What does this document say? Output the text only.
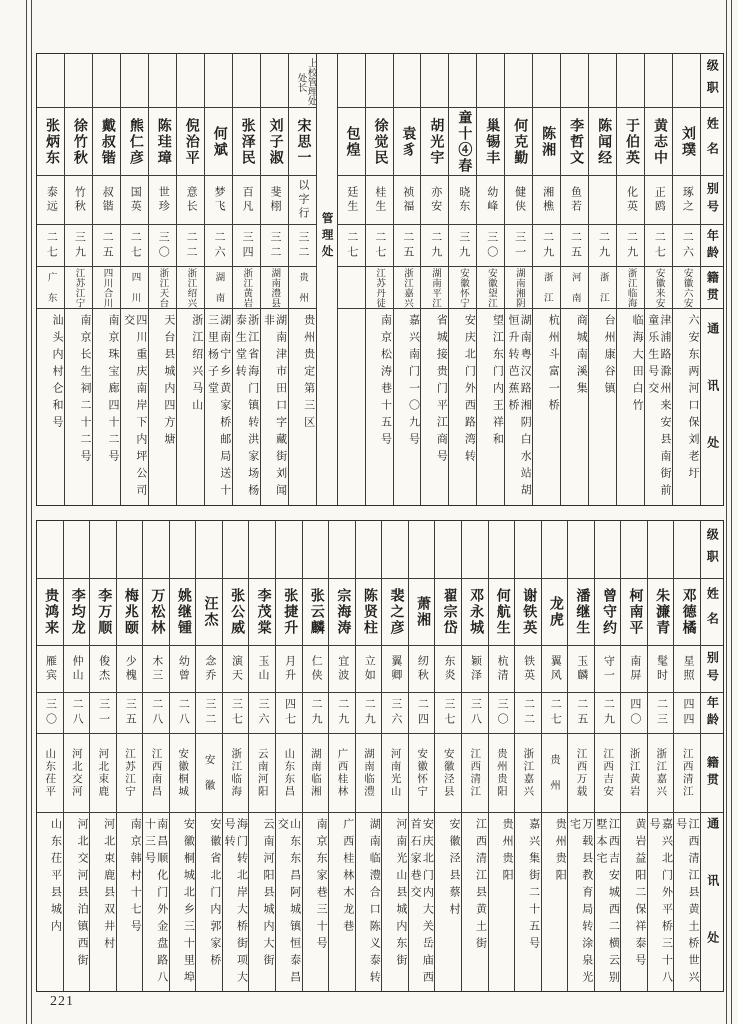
级职
姓名
别号
年龄
籍贯
通讯处
刘璞
琢之
二六
安徽六安
六安东两河口保刘老圩
黄志中
正鸥
二七
安徽来安
津浦路滁州来安县南街前童乐生号交
于伯英
化英
二九
浙江临海
临海大田白竹
陈闻经
二九
浙 江
台州康谷镇
李哲文
鱼若
二五
河 南
商城南溪集
陈湘
湘樵
二九
浙 江
杭州斗富一桥
何克勤
健侠
三一
湖南湘阴
湖南粤汉路湘阴白水站胡恒升转芭蕉桥
巢锡丰
幼峰
三〇
安徽望江
望江东门内王祥和
童十④春
晓东
三九
安徽怀宁
安庆北门外西路湾转
胡光宇
亦安
二九
湖南平江
省城接贵门平江商号
袁豸
祯福
二五
浙江嘉兴
嘉兴南门一〇九号
徐觉民
桂生
二七
江苏丹徒
南京松涛巷十五号
包煌
廷生
二七
管理处
上校管理处处长
宋思一
以字行
三二
贵 州
贵州贵定第三区
刘子淑
斐栩
三二
湖南澧县
湖南津市田口字藏街刘闻非
张泽民
百凡
三四
浙江黄岩
浙江省海门镇转洪家场杨泰生堂转
何斌
梦飞
二六
湖 南
湖南宁乡黄家桥邮局送十三里杨子堂
倪治平
意长
二二
浙江绍兴
浙江绍兴马山
陈珪璋
世珍
三〇
浙江天台
天台县城内四方塘
熊仁彦
国英
二七
四 川
四川重庆南岸下内坪公司交
戴叔锴
叔锴
二五
四川合川
南京珠宝廊四十二号
徐竹秋
竹秋
三九
江苏江宁
南京长生祠二十二号
张炳东
泰远
二七
广 东
汕头内村仑和号
级职
姓名
别号
年龄
籍贯
通讯处
邓德橘
星照
四四
江西清江
江西清江县黄土桥世兴号
朱濂青
髦时
二三
浙江嘉兴
嘉兴北门外平桥三十八号
柯南平
南屏
四〇
浙江黄岩
黄岩益阳二保祥泰号
曾守约
守一
二九
江西吉安
江西吉安城西二横云别墅本宅
潘继生
玉麟
二五
江西万载
万载县教育局转涂泉光宅
龙虎
翼风
二七
贵 州
贵州贵阳
谢铁英
铁英
二二
浙江嘉兴
嘉兴集街二十五号
何航生
杭清
三〇
贵州贵阳
贵州贵阳
邓永城
颖泽
三八
江西清江
江西清江县黄土街
翟宗岱
东炎
三七
安徽泾县
安徽泾县蔡村
萧湘
纫秋
二四
安徽怀宁
安庆北门内大关岳庙西首石家巷交
裴之彦
翼卿
三六
河南光山
河南光山县城内东街
陈贤柱
立如
二九
湖南临澧
湖南临澧合口陈义泰转
宗海涛
宜波
二九
广西桂林
广西桂林木龙巷
张云麟
仁侠
二九
湖南临湘
南京东家巷三十号
张捷升
月升
四七
山东东昌
山东东昌阿城镇恒泰昌交
李茂棠
玉山
三六
云南河阳
云南河阳县城内大街
张公威
演天
三七
浙江临海
海门转北岸大桥街项大号转
汪杰
念乔
三二
安 徽
安徽省北门内郭家桥
姚继锺
幼曾
二八
安徽桐城
安徽桐城北乡三十里埠
万松林
木三
二八
江西南昌
南昌顺化门外金盘路八十三号
梅兆颐
少槐
三五
江苏江宁
南京韩村十七号
李万顺
俊杰
三一
河北束鹿
河北束鹿县双井村
李均龙
仲山
二八
河北交河
河北交河县泊镇西街
贵鸿来
雁宾
三〇
山东茌平
山东茌平县城内
221
